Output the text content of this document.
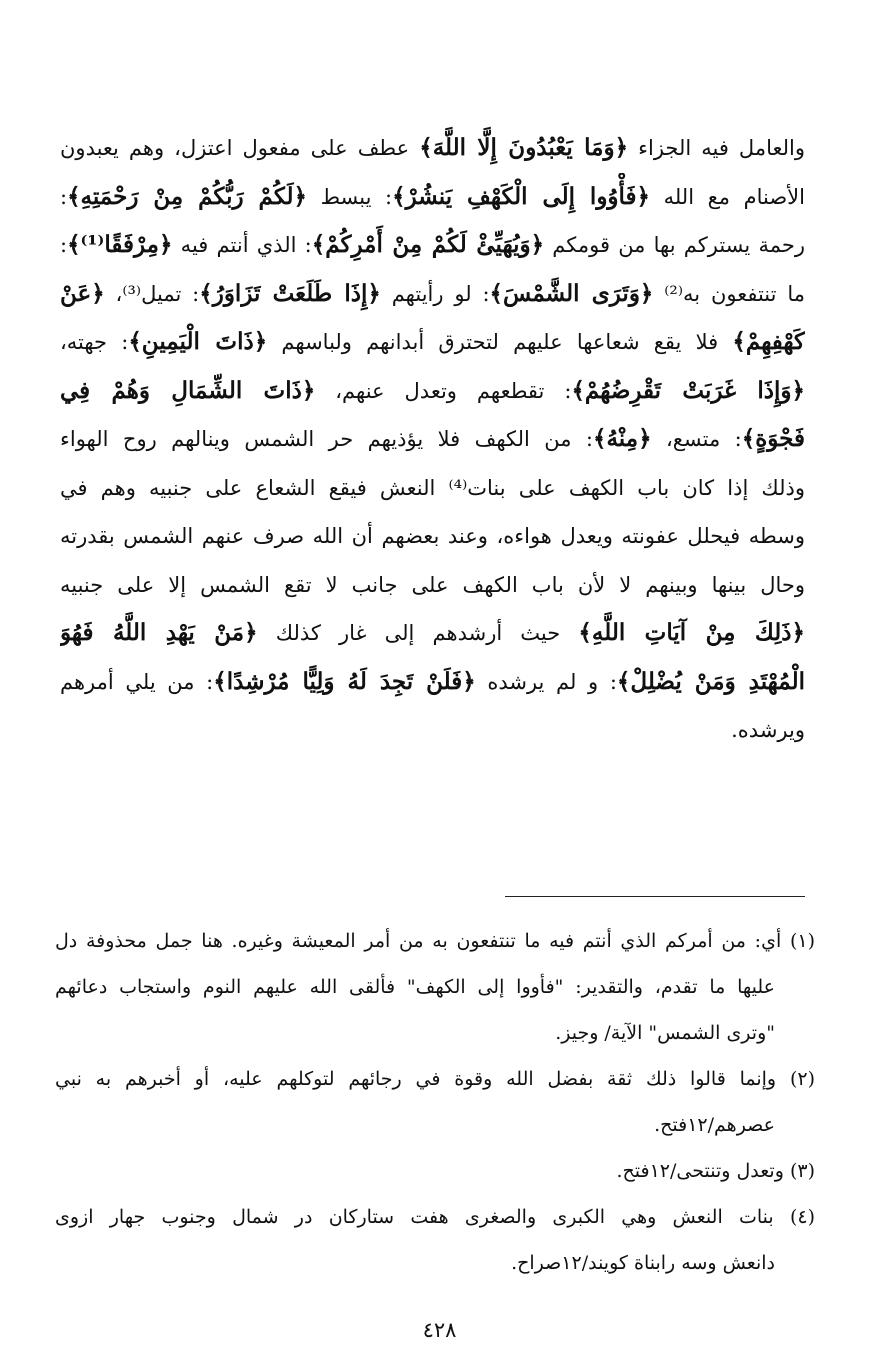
والعامل فيه الجزاء ﴿وَمَا يَعْبُدُونَ إِلَّا اللَّهَ﴾ عطف على مفعول اعتزل، وهم يعبدون
الأصنام مع الله ﴿فَأْوُوا إِلَى الْكَهْفِ يَنشُرْ﴾: يبسط ﴿لَكُمْ رَبُّكُمْ مِنْ رَحْمَتِهِ﴾:
رحمة يستركم بها من قومكم ﴿وَيُهَيِّئْ لَكُمْ مِنْ أَمْرِكُمْ﴾: الذي أنتم فيه ﴿مِرْفَقًا⁽¹⁾﴾:
ما تنتفعون به⁽²⁾ ﴿وَتَرَى الشَّمْسَ﴾: لو رأيتهم ﴿إِذَا طَلَعَتْ تَزَاوَرُ﴾: تميل⁽³⁾، ﴿عَنْ
كَهْفِهِمْ﴾ فلا يقع شعاعها عليهم لتحترق أبدانهم ولباسهم ﴿ذَاتَ الْيَمِينِ﴾: جهته،
﴿وَإِذَا غَرَبَتْ تَقْرِضُهُمْ﴾: تقطعهم وتعدل عنهم، ﴿ذَاتَ الشِّمَالِ وَهُمْ فِي
فَجْوَةٍ﴾: متسع، ﴿مِنْهُ﴾: من الكهف فلا يؤذيهم حر الشمس وينالهم روح الهواء
وذلك إذا كان باب الكهف على بنات⁽⁴⁾ النعش فيقع الشعاع على جنبيه وهم في
وسطه فيحلل عفونته ويعدل هواءه، وعند بعضهم أن الله صرف عنهم الشمس بقدرته
وحال بينها وبينهم لا لأن باب الكهف على جانب لا تقع الشمس إلا على جنبيه
﴿ذَلِكَ مِنْ آيَاتِ اللَّهِ﴾ حيث أرشدهم إلى غار كذلك ﴿مَنْ يَهْدِ اللَّهُ فَهُوَ
الْمُهْتَدِ وَمَنْ يُضْلِلْ﴾: و لم يرشده ﴿فَلَنْ تَجِدَ لَهُ وَلِيًّا مُرْشِدًا﴾: من يلي أمرهم
ويرشده.
(١) أي: من أمركم الذي أنتم فيه ما تنتفعون به من أمر المعيشة وغيره. هنا جمل محذوفة دل
عليها ما تقدم، والتقدير: "فأووا إلى الكهف" فألقى الله عليهم النوم واستجاب دعائهم
"وترى الشمس" الآية/ وجيز.
(٢) وإنما قالوا ذلك ثقة بفضل الله وقوة في رجائهم لتوكلهم عليه، أو أخبرهم به نبي
عصرهم/١٢فتح.
(٣) وتعدل وتنتحى/١٢فتح.
(٤) بنات النعش وهي الكبرى والصغرى هفت ستاركان در شمال وجنوب جهار ازوى
دانعش وسه رابناة كويند/١٢صراح.
٤٢٨
